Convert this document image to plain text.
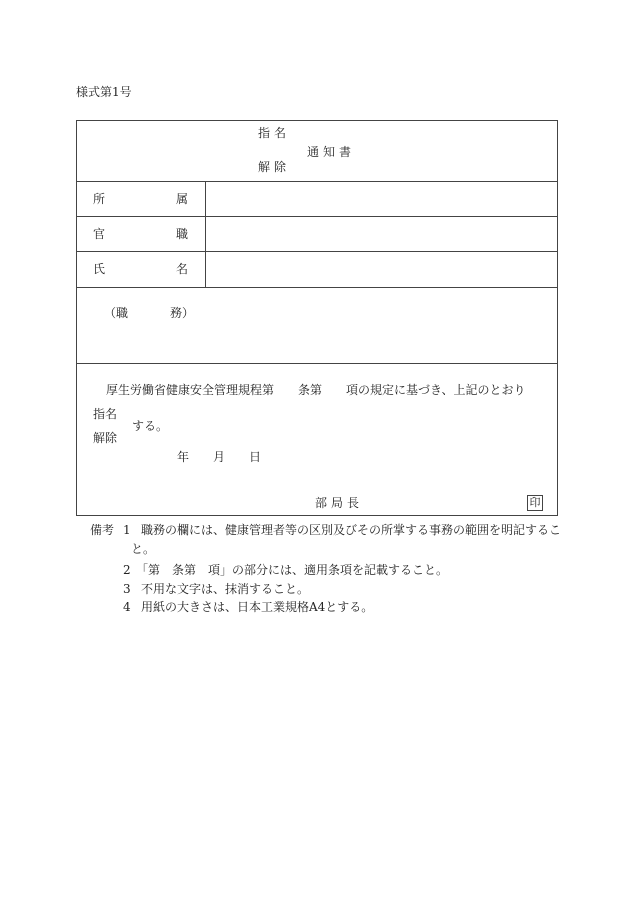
様式第1号
指名
通知書
解除
所	属
官	職
氏	名
（職	務）
厚生労働省健康安全管理規程第　　条第　　項の規定に基づき、上記のとおり
指名
する。
解除
年 月 日
部局長	印
備考 1 職務の欄には、健康管理者等の区別及びその所掌する事務の範囲を明記するこ
と。
2 「第　条第　項」の部分には、適用条項を記載すること。
3 不用な文字は、抹消すること。
4 用紙の大きさは、日本工業規格A4とする。
